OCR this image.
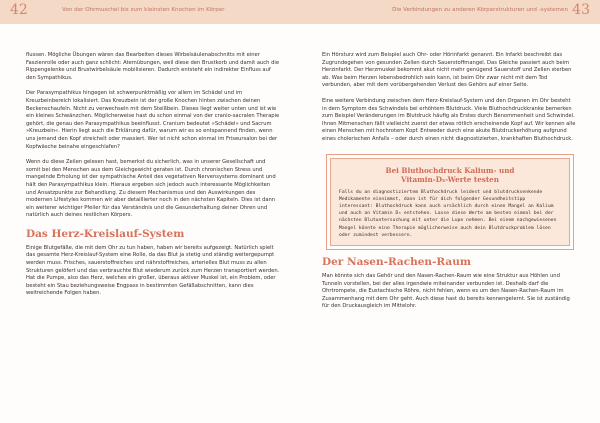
42	Von der Ohrmuschel bis zum kleinsten Knochen im Körper

flussen. Mögliche Übungen wären das Bearbeiten dieses Wirbelsäulenabschnitts mit einer Faszienrolle oder auch ganz schlicht: Atemübungen, weil diese den Brustkorb und damit auch die Rippengelenke und Brustwirbelsäule mobilisieren. Dadurch entsteht ein indirekter Einfluss auf den Sympathikus.

Der Parasympathikus hingegen ist schwerpunktmäßig vor allem im Schädel und im Kreuzbeinbereich lokalisiert. Das Kreuzbein ist der große Knochen hinten zwischen deinen Beckenschaufeln. Nicht zu verwechseln mit dem Steißbein. Dieses liegt weiter unten und ist wie ein kleines Schwänzchen. Möglicherweise hast du schon einmal von der cranio-sacralen Therapie gehört, die genau den Parasympathikus beeinflusst. Cranium bedeutet »Schädel« und Sacrum »Kreuzbein«. Hierin liegt auch die Erklärung dafür, warum wir es so entspannend finden, wenn uns jemand den Kopf streichelt oder massiert. Wer ist nicht schon einmal im Friseursalon bei der Kopfwäsche beinahe eingeschlafen?

Wenn du diese Zeilen gelesen hast, bemerkst du sicherlich, was in unserer Gesellschaft und somit bei den Menschen aus dem Gleichgewicht geraten ist. Durch chronischen Stress und mangelnde Erholung ist der sympathische Anteil des vegetativen Nervensystems dominant und hält den Parasympathikus klein. Hieraus ergeben sich jedoch auch interessante Möglichkeiten und Ansatzpunkte zur Behandlung. Zu diesem Mechanismus und den Auswirkungen des modernen Lifestyles kommen wir aber detaillierter noch in den nächsten Kapiteln. Dies ist dann ein weiterer wichtiger Pfeiler für das Verständnis und die Gesunderhaltung deiner Ohren und natürlich auch deines restlichen Körpers.

Das Herz-Kreislauf-System

Einige Blutgefäße, die mit dem Ohr zu tun haben, haben wir bereits aufgezeigt. Natürlich spielt das gesamte Herz-Kreislauf-System eine Rolle, da das Blut ja stetig und ständig weitergepumpt werden muss. Frisches, sauerstoffreiches und nährstoffreiches, arterielles Blut muss zu allen Strukturen gelöfert und das verbrauchte Blut wiederum zurück zum Herzen transportiert werden. Hat die Pumpe, also das Herz, welches ein großer, überaus aktiver Muskel ist, ein Problem, oder besteht ein Stau beziehungsweise Engpass in bestimmten Gefäßabschnitten, kann dies weitreichende Folgen haben.

Die Verbindungen zu anderen Körperstrukturen und -systemen 43

Ein Hörsturz wird zum Beispiel auch Ohr- oder Hörinfarkt genannt. Ein Infarkt beschreibt das Zugrundegehen von gesunden Zellen durch Sauerstoffmangel. Das Gleiche passiert auch beim Herzinfarkt. Der Herzmuskel bekommt akut nicht mehr genügend Sauerstoff und Zellen sterben ab. Was beim Herzen lebensbedrohlich sein kann, ist beim Ohr zwar nicht mit dem Tod verbunden, aber mit dem vorübergehenden Verlust des Gehörs auf einer Seite.

Eine weitere Verbindung zwischen dem Herz-Kreislauf-System und den Organen im Ohr besteht in dem Symptom des Schwindels bei erhöhtem Blutdruck. Viele Bluthochdruckkranke bemerken zum Beispiel Veränderungen im Blutdruck häufig als Erstes durch Benommenheit und Schwindel. Ihnen Mitmenschen fällt vielleicht zuerst der etwas rötlich erscheinende Kopf auf. Wir kennen alle einen Menschen mit hochrotem Kopf. Entweder durch eine akute Blutdruckerhöhung aufgrund eines cholerischen Anfalls – oder durch einen nicht diagnostizierten, krankhaften Bluthochdruck.

Bei Bluthochdruck Kalium- und
Vitamin-D₃-Werte testen
Falls du an diagnostiziertem Bluthochdruck leidest und blutdrucksenkende Medikamente einnimmst, dann ist für dich folgender Gesundheitstipp interessant: Bluthochdruck kann auch ursächlich durch einen Mangel an Kalium und auch an Vitamin D₃ entstehen. Lasse diese Werte am besten einmal bei der nächsten Blutuntersuchung mit unter die Lupe nehmen. Bei einem nachgewiesenen Mangel könnte eine Therapie möglicherweise auch dein Blutdruckproblem lösen oder zumindest verbessern.
Der Nasen-Rachen-Raum

Man könnte sich das Gehör und den Nasen-Rachen-Raum wie eine Struktur aus Höhlen und Tunneln vorstellen, bei der alles irgendwie miteinander verbunden ist. Deshalb darf die Ohrtrompete, die Eustachische Röhre, nicht fehlen, wenn es um den Nasen-Rachen-Raum im Zusammenhang mit dem Ohr geht. Auch diese hast du bereits kennengelernt. Sie ist zuständig für den Druckausgleich im Mittelohr.
